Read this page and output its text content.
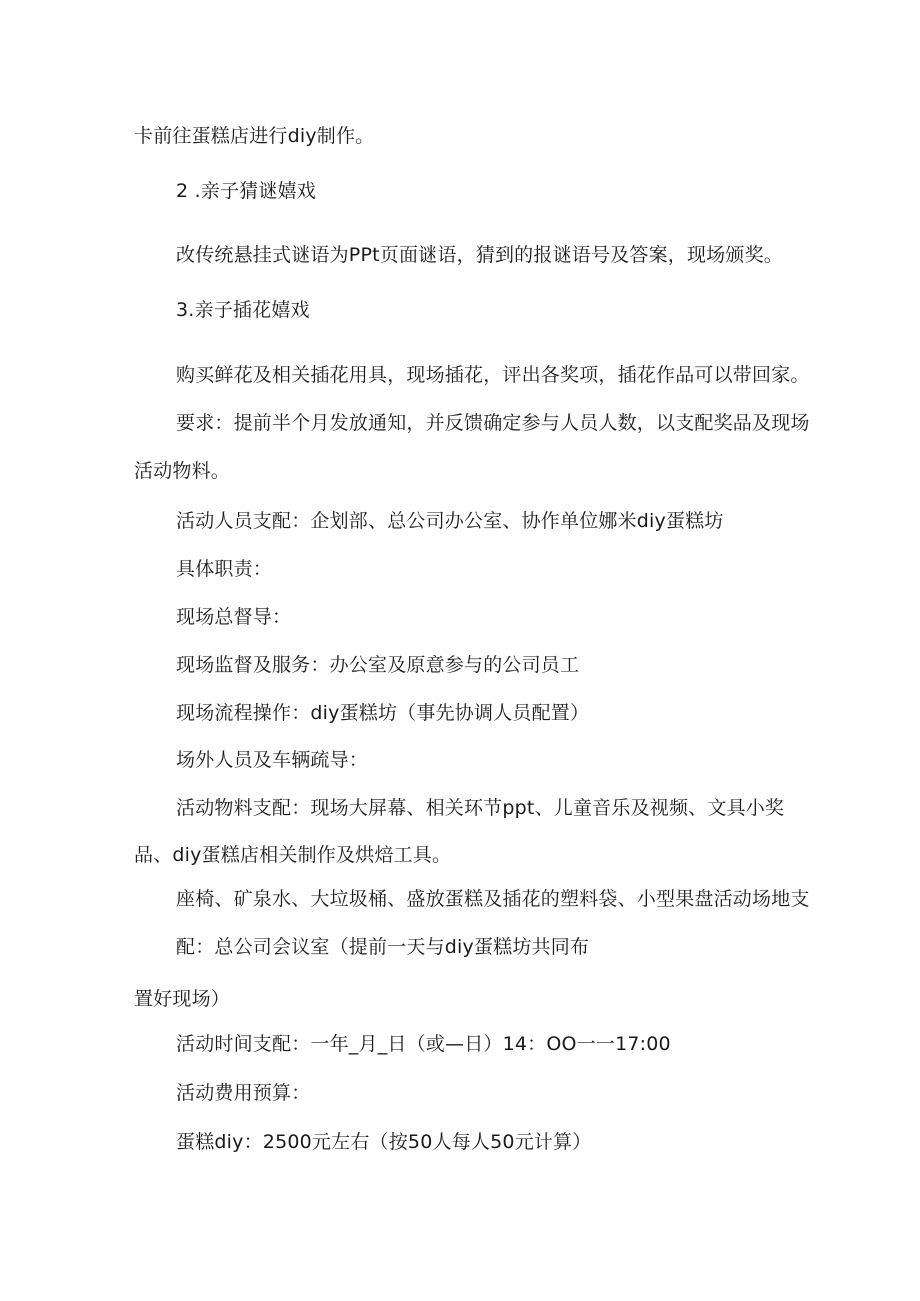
卡前往蛋糕店进行diy制作。
2 .亲子猜谜嬉戏
改传统悬挂式谜语为PPt页面谜语，猜到的报谜语号及答案，现场颁奖。
3.亲子插花嬉戏
购买鲜花及相关插花用具，现场插花，评出各奖项，插花作品可以带回家。
要求：提前半个月发放通知，并反馈确定参与人员人数，以支配奖品及现场
活动物料。
活动人员支配：企划部、总公司办公室、协作单位娜米diy蛋糕坊
具体职责：
现场总督导：
现场监督及服务：办公室及原意参与的公司员工
现场流程操作：diy蛋糕坊（事先协调人员配置）
场外人员及车辆疏导：
活动物料支配：现场大屏幕、相关环节ppt、儿童音乐及视频、文具小奖
品、diy蛋糕店相关制作及烘焙工具。
座椅、矿泉水、大垃圾桶、盛放蛋糕及插花的塑料袋、小型果盘活动场地支
配：总公司会议室（提前一天与diy蛋糕坊共同布
置好现场）
活动时间支配：一年_月_日（或—日）14：OO一一17:00
活动费用预算：
蛋糕diy：2500元左右（按50人每人50元计算）
